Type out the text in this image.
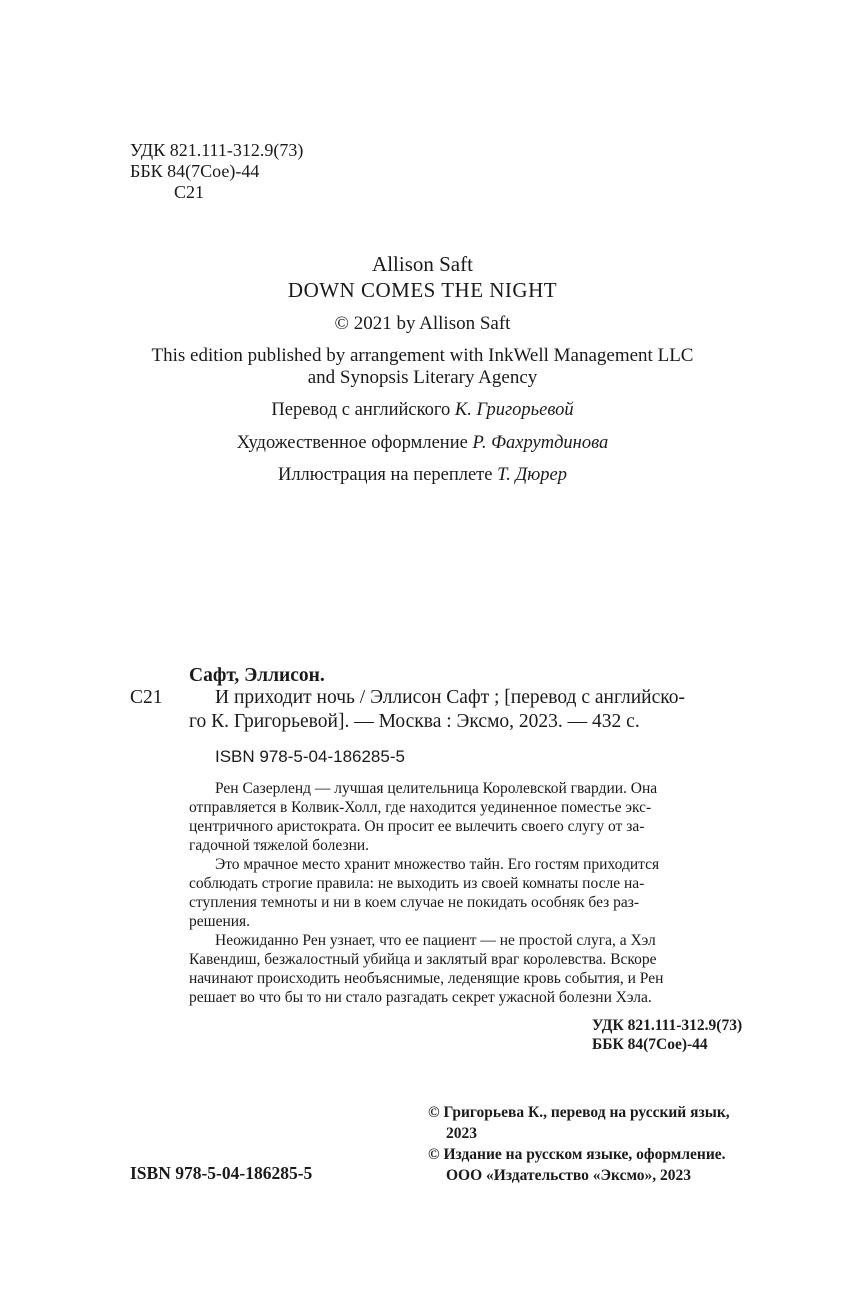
УДК 821.111-312.9(73)
ББК 84(7Сое)-44
С21
Allison Saft
DOWN COMES THE NIGHT
© 2021 by Allison Saft
This edition published by arrangement with InkWell Management LLC
and Synopsis Literary Agency
Перевод с английского К. Григорьевой
Художественное оформление Р. Фахрутдинова
Иллюстрация на переплете Т. Дюрер
Сафт, Эллисон.
С21	И приходит ночь / Эллисон Сафт ; [перевод с английско-
го К. Григорьевой]. — Москва : Эксмо, 2023. — 432 с.
ISBN 978-5-04-186285-5
Рен Сазерленд — лучшая целительница Королевской гвардии. Она
отправляется в Колвик-Холл, где находится уединенное поместье экс-
центричного аристократа. Он просит ее вылечить своего слугу от за-
гадочной тяжелой болезни.
Это мрачное место хранит множество тайн. Его гостям приходится
соблюдать строгие правила: не выходить из своей комнаты после на-
ступления темноты и ни в коем случае не покидать особняк без раз-
решения.
Неожиданно Рен узнает, что ее пациент — не простой слуга, а Хэл
Кавендиш, безжалостный убийца и заклятый враг королевства. Вскоре
начинают происходить необъяснимые, леденящие кровь события, и Рен
решает во что бы то ни стало разгадать секрет ужасной болезни Хэла.
УДК 821.111-312.9(73)
ББК 84(7Сое)-44
© Григорьева К., перевод на русский язык,
2023
© Издание на русском языке, оформление.
ООО «Издательство «Эксмо», 2023
ISBN 978-5-04-186285-5
